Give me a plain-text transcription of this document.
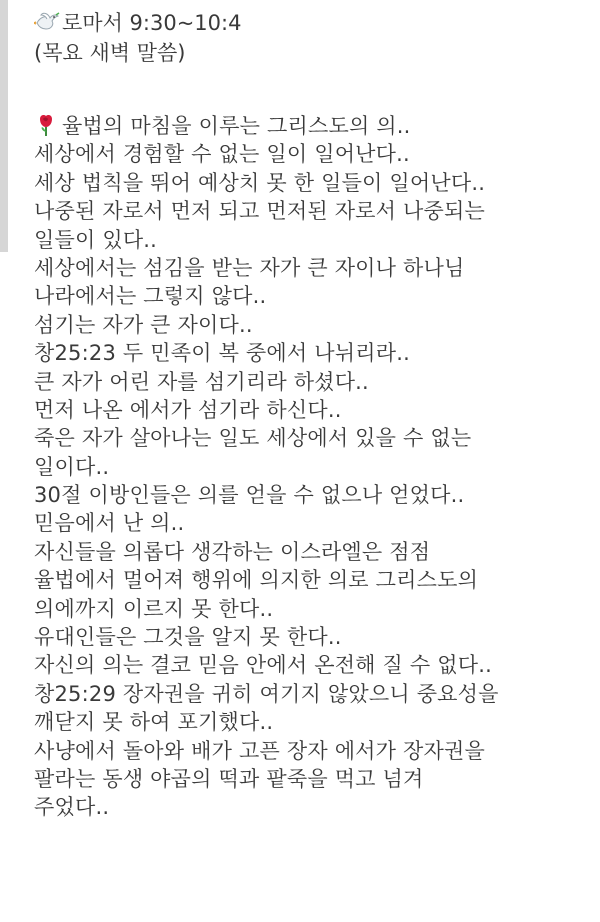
로마서 9:30~10:4
(목요 새벽 말씀)
율법의 마침을 이루는 그리스도의 의..
세상에서 경험할 수 없는 일이 일어난다..
세상 법칙을 뛰어 예상치 못 한 일들이 일어난다..
나중된 자로서 먼저 되고 먼저된 자로서 나중되는
일들이 있다..
세상에서는 섬김을 받는 자가 큰 자이나 하나님
나라에서는 그렇지 않다..
섬기는 자가 큰 자이다..
창25:23 두 민족이 복 중에서 나뉘리라..
큰 자가 어린 자를 섬기리라 하셨다..
먼저 나온 에서가 섬기라 하신다..
죽은 자가 살아나는 일도 세상에서 있을 수 없는
일이다..
30절 이방인들은 의를 얻을 수 없으나 얻었다..
믿음에서 난 의..
자신들을 의롭다 생각하는 이스라엘은 점점
율법에서 멀어져 행위에 의지한 의로 그리스도의
의에까지 이르지 못 한다..
유대인들은 그것을 알지 못 한다..
자신의 의는 결코 믿음 안에서 온전해 질 수 없다..
창25:29 장자권을 귀히 여기지 않았으니 중요성을
깨닫지 못 하여 포기했다..
사냥에서 돌아와 배가 고픈 장자 에서가 장자권을
팔라는 동생 야곱의 떡과 팥죽을 먹고 넘겨
주었다..
